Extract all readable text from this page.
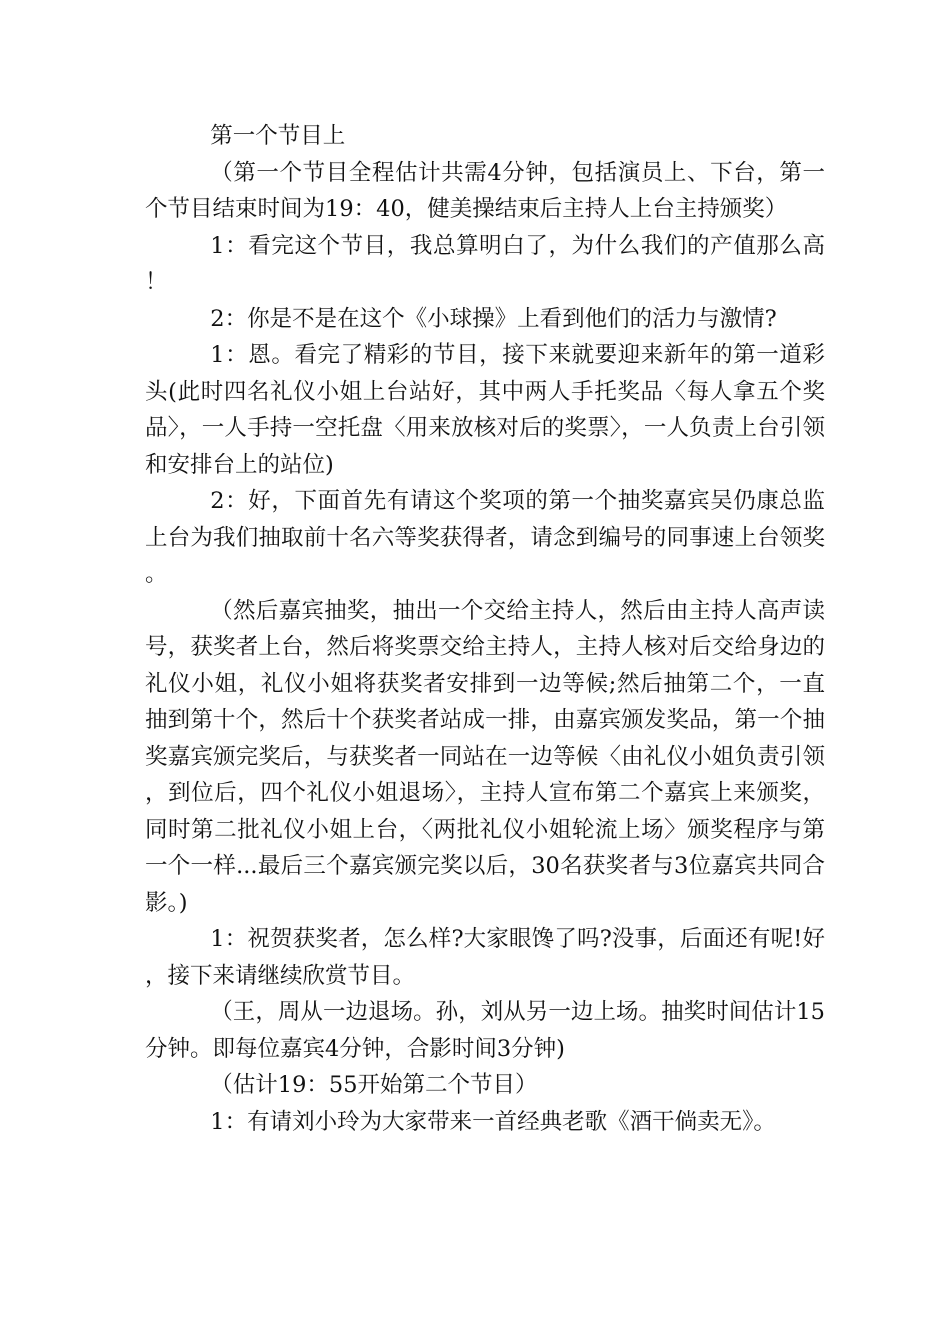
第一个节目上

（第一个节目全程估计共需4分钟，包括演员上、下台，第一个节目结束时间为19：40，健美操结束后主持人上台主持颁奖）

1：看完这个节目，我总算明白了，为什么我们的产值那么高！

2：你是不是在这个《小球操》上看到他们的活力与激情?

1：恩。看完了精彩的节目，接下来就要迎来新年的第一道彩头(此时四名礼仪小姐上台站好，其中两人手托奖品〈每人拿五个奖品〉，一人手持一空托盘〈用来放核对后的奖票〉，一人负责上台引领和安排台上的站位)

2：好，下面首先有请这个奖项的第一个抽奖嘉宾吴仍康总监上台为我们抽取前十名六等奖获得者，请念到编号的同事速上台领奖。

（然后嘉宾抽奖，抽出一个交给主持人，然后由主持人高声读号，获奖者上台，然后将奖票交给主持人，主持人核对后交给身边的礼仪小姐，礼仪小姐将获奖者安排到一边等候;然后抽第二个，一直抽到第十个，然后十个获奖者站成一排，由嘉宾颁发奖品，第一个抽奖嘉宾颁完奖后，与获奖者一同站在一边等候〈由礼仪小姐负责引领，到位后，四个礼仪小姐退场〉，主持人宣布第二个嘉宾上来颁奖，同时第二批礼仪小姐上台，〈两批礼仪小姐轮流上场〉颁奖程序与第一个一样...最后三个嘉宾颁完奖以后，30名获奖者与3位嘉宾共同合影。)

1：祝贺获奖者，怎么样?大家眼馋了吗?没事，后面还有呢!好，接下来请继续欣赏节目。

（王，周从一边退场。孙，刘从另一边上场。抽奖时间估计15分钟。即每位嘉宾4分钟，合影时间3分钟)

（估计19：55开始第二个节目）

1：有请刘小玲为大家带来一首经典老歌《酒干倘卖无》。
